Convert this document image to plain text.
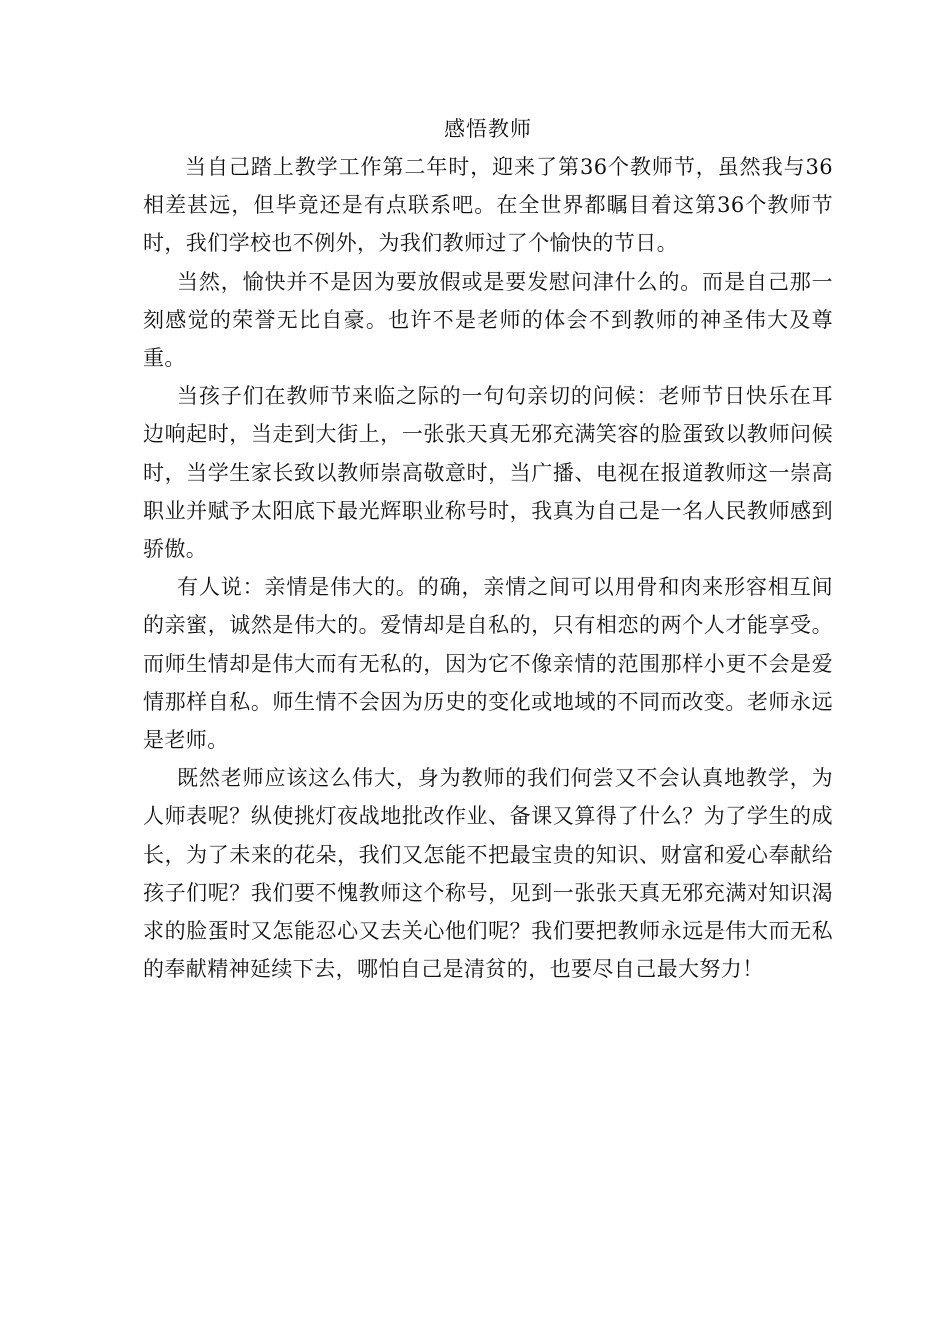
感悟教师

当自己踏上教学工作第二年时，迎来了第36个教师节，虽然我与36相差甚远，但毕竟还是有点联系吧。在全世界都瞩目着这第36个教师节时，我们学校也不例外，为我们教师过了个愉快的节日。

当然，愉快并不是因为要放假或是要发慰问津什么的。而是自己那一刻感觉的荣誉无比自豪。也许不是老师的体会不到教师的神圣伟大及尊重。

当孩子们在教师节来临之际的一句句亲切的问候：老师节日快乐在耳边响起时，当走到大街上，一张张天真无邪充满笑容的脸蛋致以教师问候时，当学生家长致以教师崇高敬意时，当广播、电视在报道教师这一崇高职业并赋予太阳底下最光辉职业称号时，我真为自己是一名人民教师感到骄傲。

有人说：亲情是伟大的。的确，亲情之间可以用骨和肉来形容相互间的亲蜜，诚然是伟大的。爱情却是自私的，只有相恋的两个人才能享受。而师生情却是伟大而有无私的，因为它不像亲情的范围那样小更不会是爱情那样自私。师生情不会因为历史的变化或地域的不同而改变。老师永远是老师。

既然老师应该这么伟大，身为教师的我们何尝又不会认真地教学，为人师表呢？纵使挑灯夜战地批改作业、备课又算得了什么？为了学生的成长，为了未来的花朵，我们又怎能不把最宝贵的知识、财富和爱心奉献给孩子们呢？我们要不愧教师这个称号，见到一张张天真无邪充满对知识渴求的脸蛋时又怎能忍心又去关心他们呢？我们要把教师永远是伟大而无私的奉献精神延续下去，哪怕自己是清贫的，也要尽自己最大努力！
